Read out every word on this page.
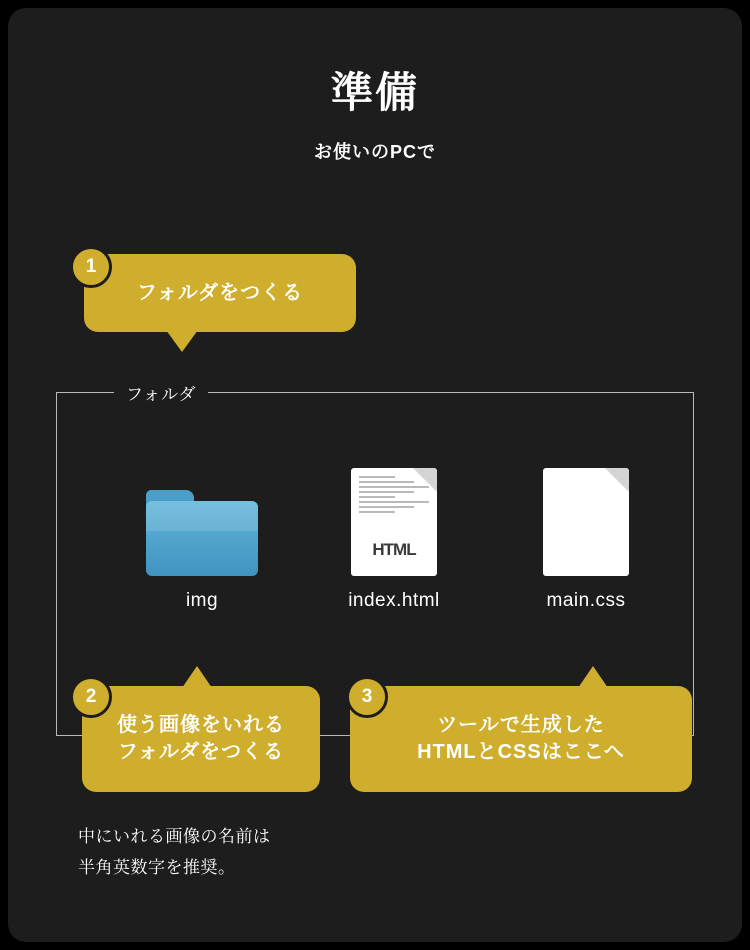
準備
お使いのPCで
1
フォルダをつくる
フォルダ
img
HTML
index.html	main.css
2
使う画像をいれる
フォルダをつくる
3
ツールで生成した
HTMLとCSSはここへ
中にいれる画像の名前は
半角英数字を推奨。
